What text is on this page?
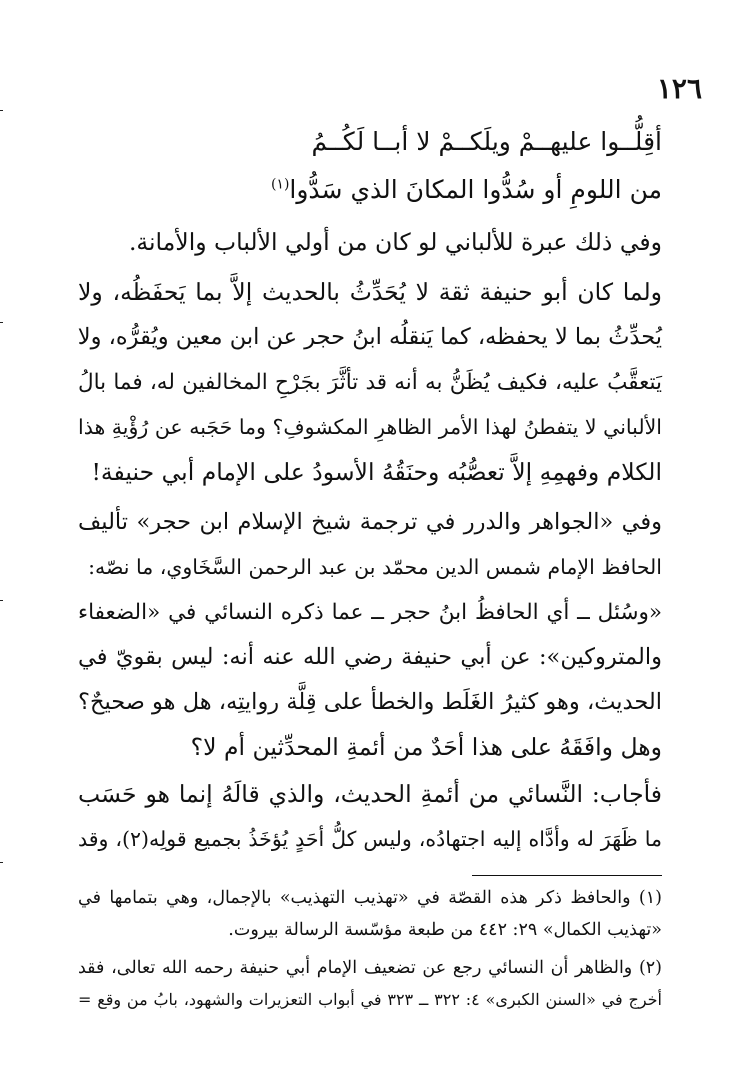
١٢٦
أقِلُّــوا عليهــمْ ويلَكــمْ لا أبــا لَكُــمُ
من اللومِ أو سُدُّوا المكانَ الذي سَدُّوا$^{(١)}$

وفي ذلك عبرة للألباني لو كان من أولي الألباب والأمانة.

ولما كان أبو حنيفة ثقة لا يُحَدِّثُ بالحديث إلاَّ بما يَحفَظُه، ولا
يُحدِّثُ بما لا يحفظه، كما يَنقلُه ابنُ حجر عن ابن معين ويُقرُّه، ولا
يَتعقَّبُ عليه، فكيف يُظَنُّ به أنه قد تأثَّرَ بجَرْحِ المخالفين له، فما بالُ
الألباني لا يتفطنُ لهذا الأمر الظاهرِ المكشوفِ؟ وما حَجَبه عن رُؤْيةِ هذا
الكلام وفهمِهِ إلاَّ تعصُّبُه وحنَقُهُ الأسودُ على الإمام أبي حنيفة!

وفي «الجواهر والدرر في ترجمة شيخ الإسلام ابن حجر» تأليف
الحافظ الإمام شمس الدين محمّد بن عبد الرحمن السَّخَاوي، ما نصّه:

«وسُئل ــ أي الحافظُ ابنُ حجر ــ عما ذكره النسائي في «الضعفاء
والمتروكين»: عن أبي حنيفة رضي الله عنه أنه: ليس بقويّ في
الحديث، وهو كثيرُ الغَلَط والخطأ على قِلَّة روايتِه، هل هو صحيحٌ؟
وهل وافَقَهُ على هذا أحَدٌ من أئمةِ المحدِّثين أم لا؟

فأجاب: النَّسائي من أئمةِ الحديث، والذي قالَهُ إنما هو حَسَب
ما ظَهَرَ له وأدَّاه إليه اجتهادُه، وليس كلُّ أحَدٍ يُؤخَذُ بجميع قولِه(٢)، وقد

(١) والحافظ ذكر هذه القصّة في «تهذيب التهذيب» بالإجمال، وهي بتمامها في
«تهذيب الكمال» ٢٩: ٤٤٢ من طبعة مؤسّسة الرسالة بيروت.

(٢) والظاهر أن النسائي رجع عن تضعيف الإمام أبي حنيفة رحمه الله تعالى، فقد
أخرج في «السنن الكبرى» ٤: ٣٢٢ ــ ٣٢٣ في أبواب التعزيرات والشهود، بابُ من وقع =
